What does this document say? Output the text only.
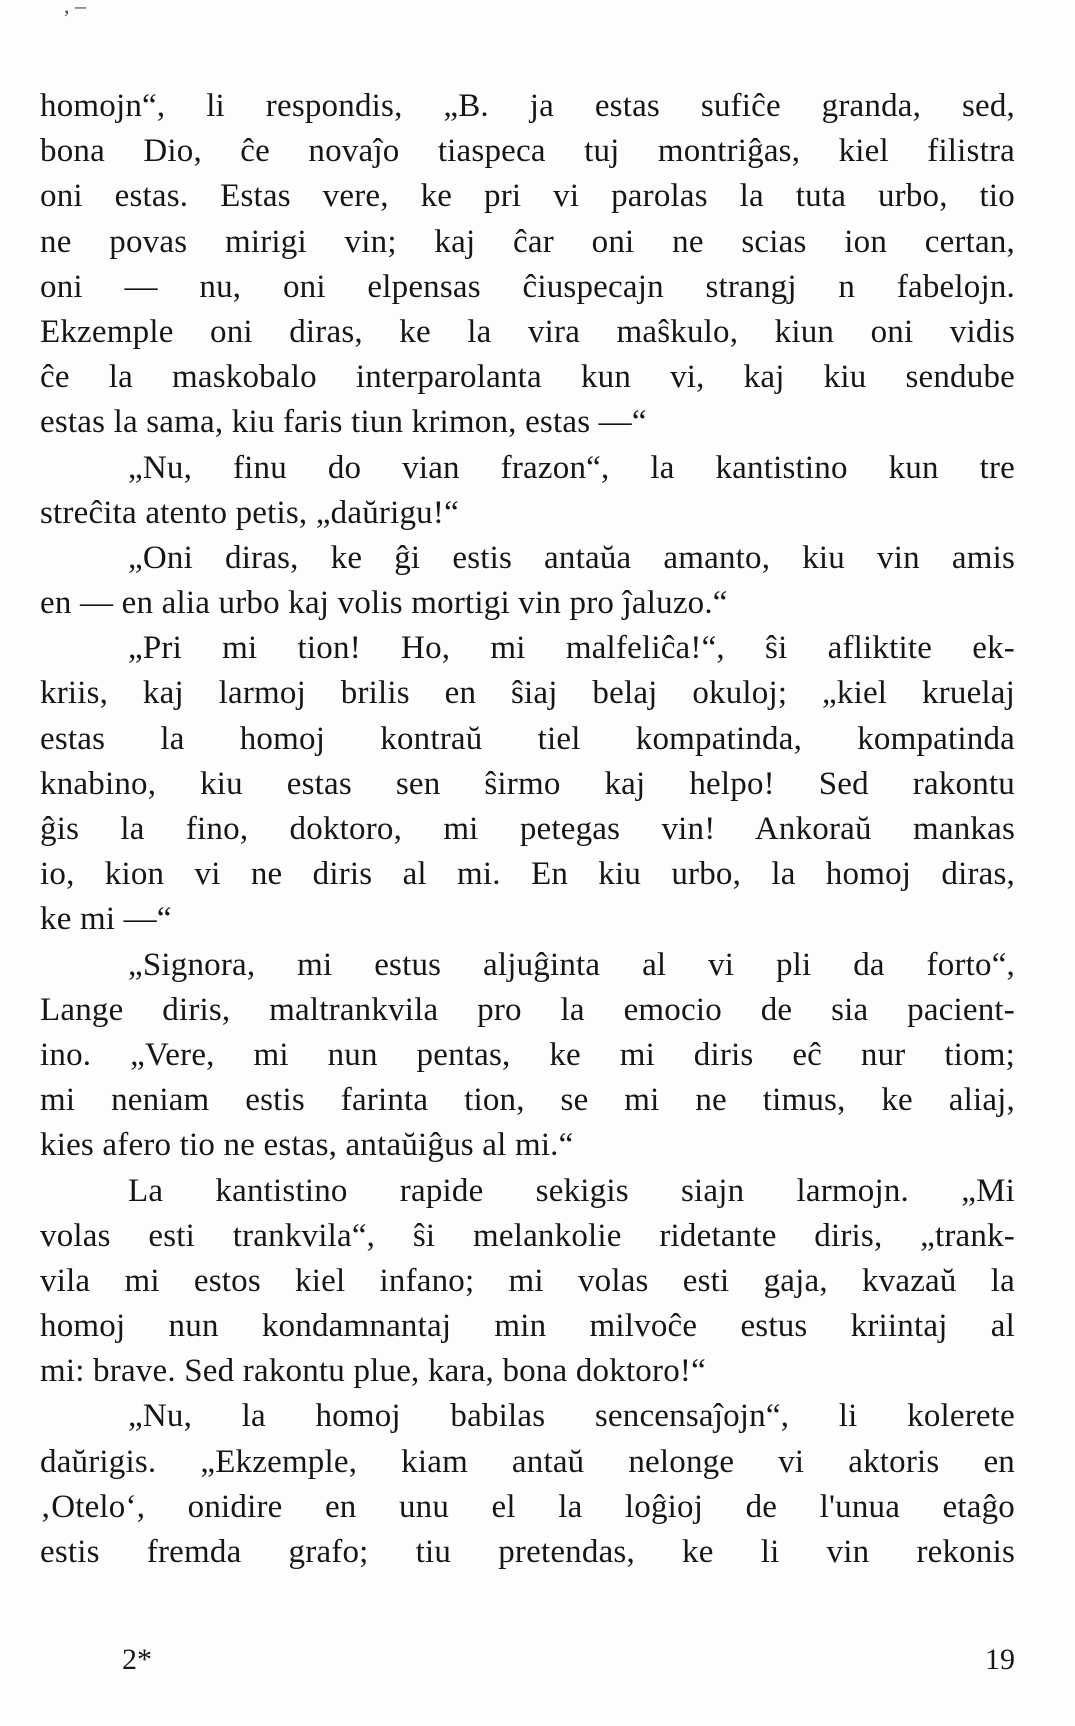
, –
homojn“, li respondis, „B. ja estas sufiĉe granda, sed,
bona Dio, ĉe novaĵo tiaspeca tuj montriĝas, kiel filistra
oni estas. Estas vere, ke pri vi parolas la tuta urbo, tio
ne povas mirigi vin; kaj ĉar oni ne scias ion certan,
oni — nu, oni elpensas ĉiuspecajn strangj n fabelojn.
Ekzemple oni diras, ke la vira maŝkulo, kiun oni vidis
ĉe la maskobalo interparolanta kun vi, kaj kiu sendube
estas la sama, kiu faris tiun krimon, estas —“
„Nu, finu do vian frazon“, la kantistino kun tre
streĉita atento petis, „daŭrigu!“
„Oni diras, ke ĝi estis antaŭa amanto, kiu vin amis
en — en alia urbo kaj volis mortigi vin pro ĵaluzo.“
„Pri mi tion! Ho, mi malfeliĉa!“, ŝi afliktite ek-
kriis, kaj larmoj brilis en ŝiaj belaj okuloj; „kiel kruelaj
estas la homoj kontraŭ tiel kompatinda, kompatinda
knabino, kiu estas sen ŝirmo kaj helpo! Sed rakontu
ĝis la fino, doktoro, mi petegas vin! Ankoraŭ mankas
io, kion vi ne diris al mi. En kiu urbo, la homoj diras,
ke mi —“
„Signora, mi estus aljuĝinta al vi pli da forto“,
Lange diris, maltrankvila pro la emocio de sia pacient-
ino. „Vere, mi nun pentas, ke mi diris eĉ nur tiom;
mi neniam estis farinta tion, se mi ne timus, ke aliaj,
kies afero tio ne estas, antaŭiĝus al mi.“
La kantistino rapide sekigis siajn larmojn. „Mi
volas esti trankvila“, ŝi melankolie ridetante diris, „trank-
vila mi estos kiel infano; mi volas esti gaja, kvazaŭ la
homoj nun kondamnantaj min milvoĉe estus kriintaj al
mi: brave. Sed rakontu plue, kara, bona doktoro!“
„Nu, la homoj babilas sencensaĵojn“, li kolerete
daŭrigis. „Ekzemple, kiam antaŭ nelonge vi aktoris en
‚Otelo‘, onidire en unu el la loĝioj de l'unua etaĝo
estis fremda grafo; tiu pretendas, ke li vin rekonis
2*	19
